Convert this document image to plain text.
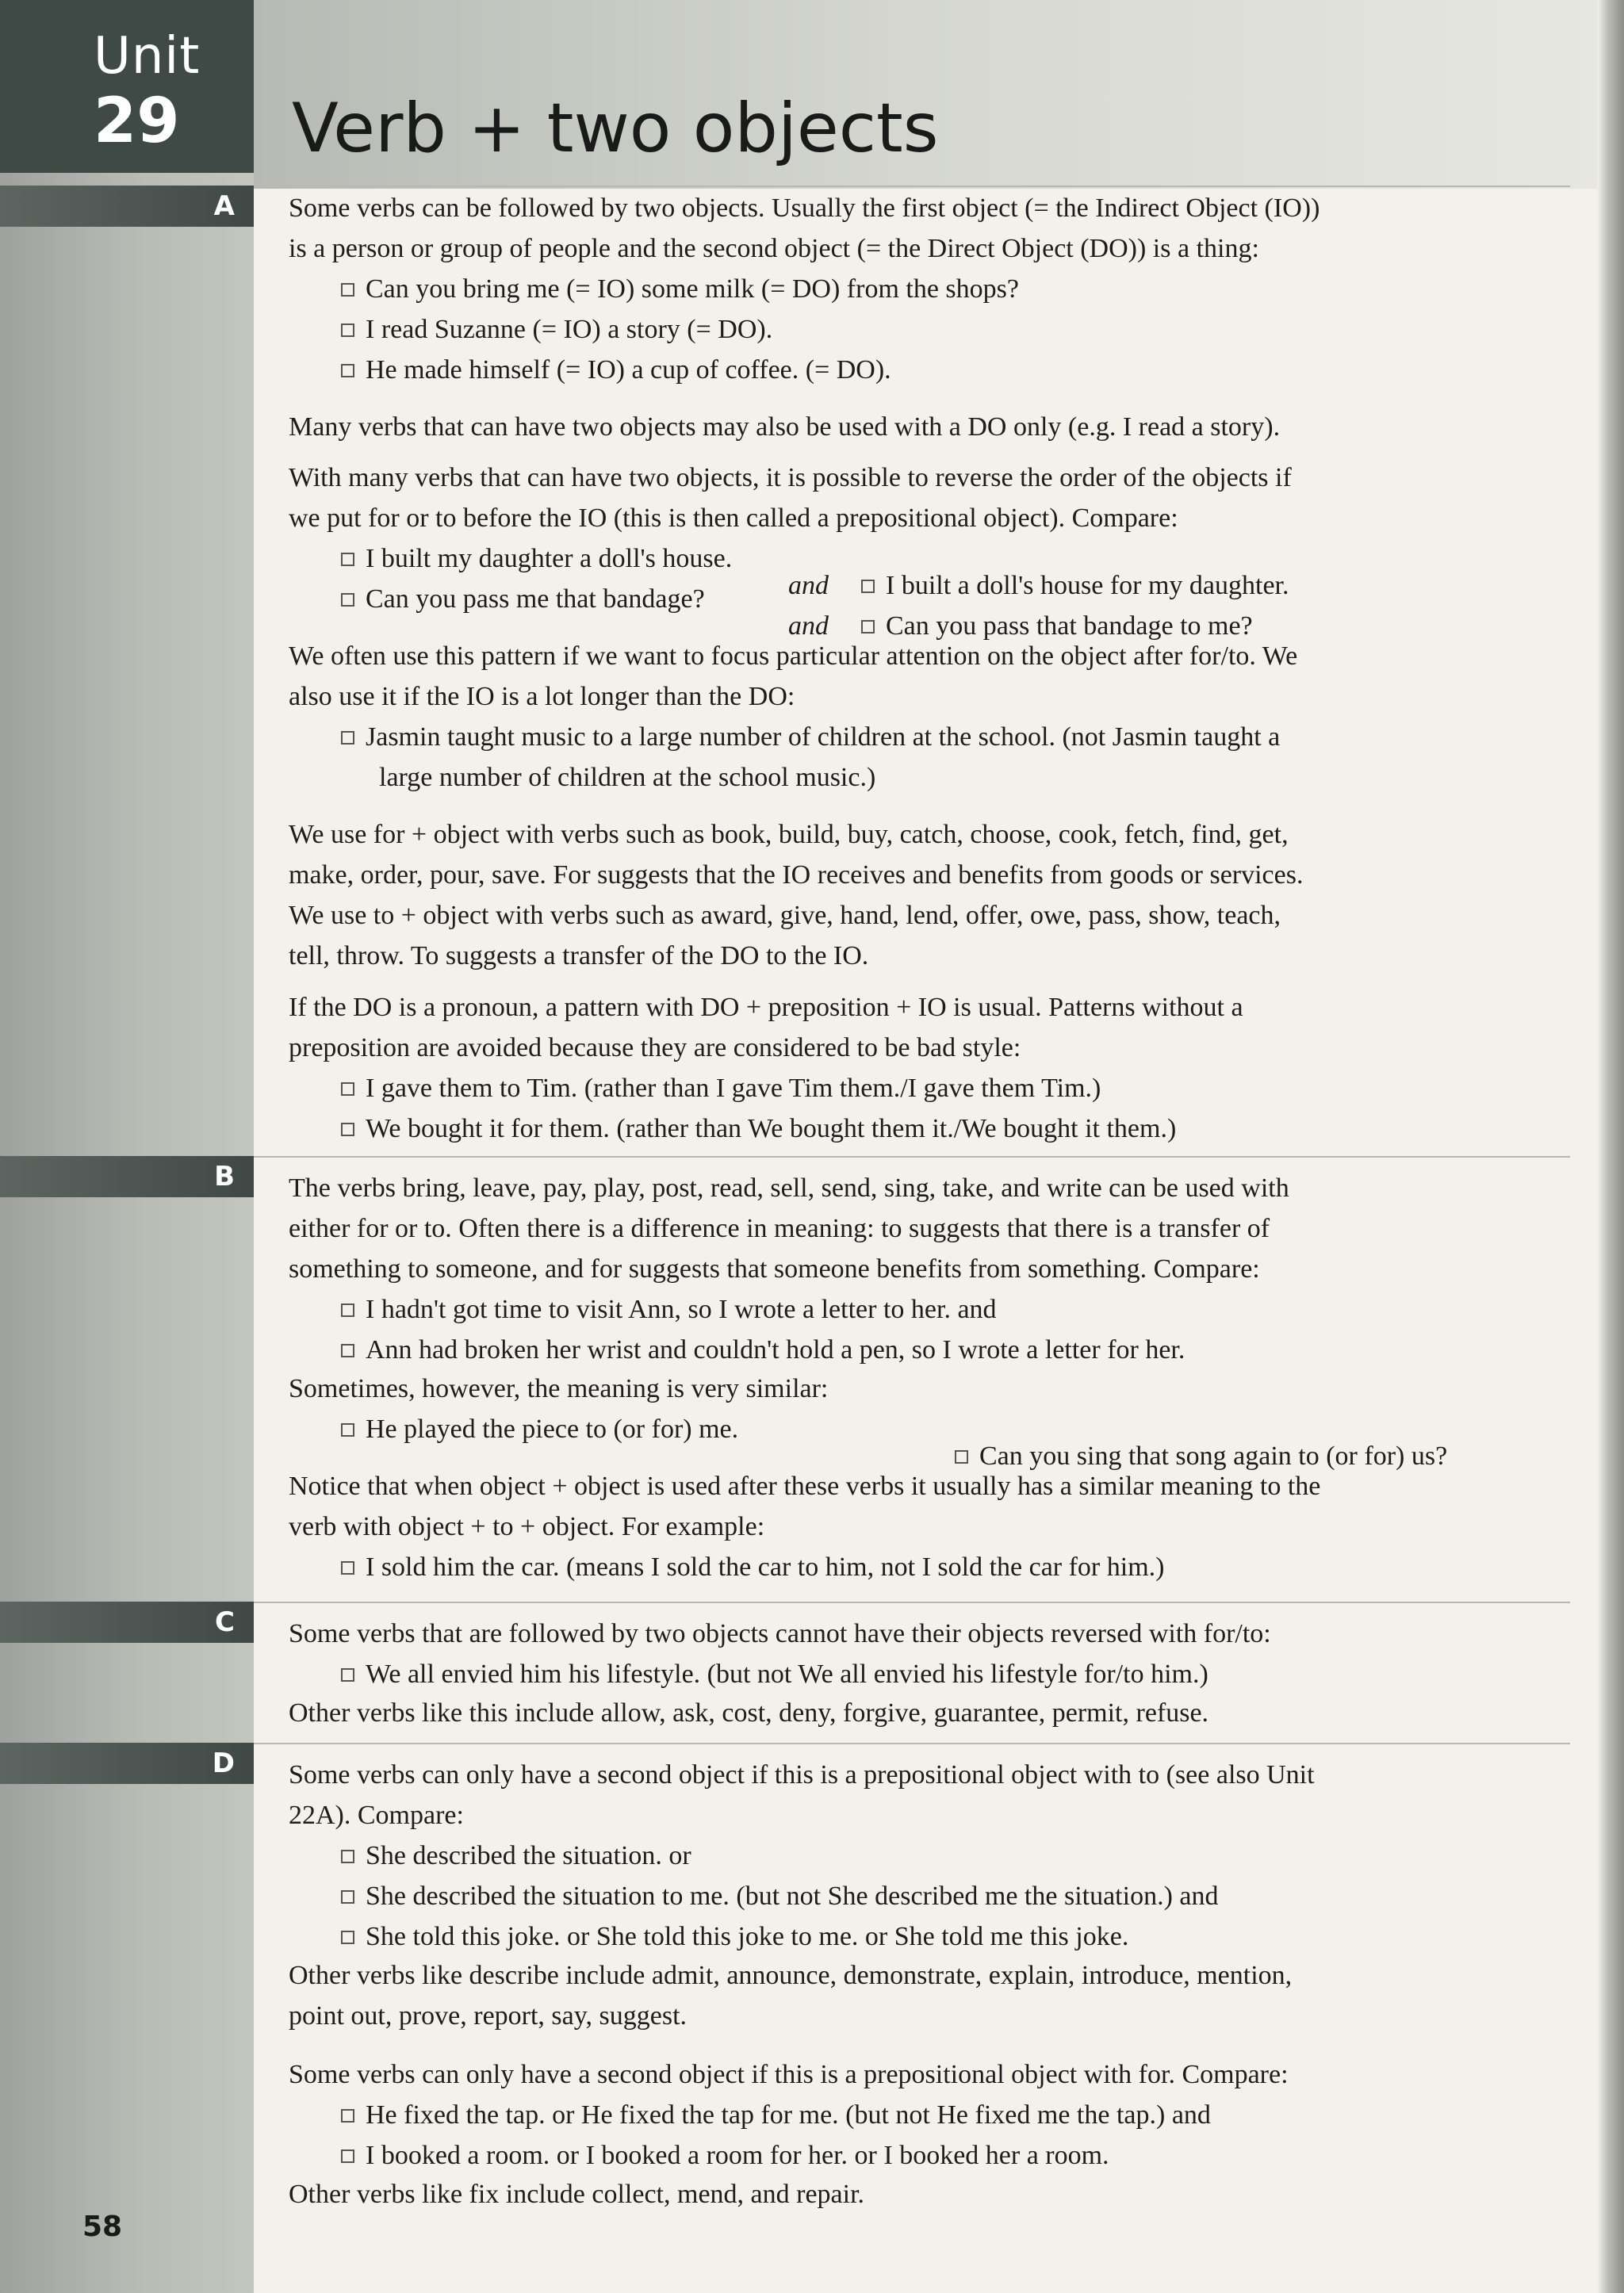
Unit
29 Verb + two objects
A
B
C
D

Some verbs can be followed by two objects. Usually the first object (= the Indirect Object (IO))

is a person or group of people and the second object (= the Direct Object (DO)) is a thing:

Can you bring me (= IO) some milk (= DO) from the shops?

I read Suzanne (= IO) a story (= DO).

He made himself (= IO) a cup of coffee. (= DO).

Many verbs that can have two objects may also be used with a DO only (e.g. I read a story).

With many verbs that can have two objects, it is possible to reverse the order of the objects if

we put for or to before the IO (this is then called a prepositional object). Compare:

I built my daughter a doll's house.

and	I built a doll's house for my daughter.

Can you pass me that bandage?

and	Can you pass that bandage to me?

We often use this pattern if we want to focus particular attention on the object after for/to. We

also use it if the IO is a lot longer than the DO:

Jasmin taught music to a large number of children at the school. (not Jasmin taught a

large number of children at the school music.)

We use for + object with verbs such as book, build, buy, catch, choose, cook, fetch, find, get,

make, order, pour, save. For suggests that the IO receives and benefits from goods or services.

We use to + object with verbs such as award, give, hand, lend, offer, owe, pass, show, teach,

tell, throw. To suggests a transfer of the DO to the IO.

If the DO is a pronoun, a pattern with DO + preposition + IO is usual. Patterns without a

preposition are avoided because they are considered to be bad style:

I gave them to Tim. (rather than I gave Tim them./I gave them Tim.)

We bought it for them. (rather than We bought them it./We bought it them.)

The verbs bring, leave, pay, play, post, read, sell, send, sing, take, and write can be used with

either for or to. Often there is a difference in meaning: to suggests that there is a transfer of

something to someone, and for suggests that someone benefits from something. Compare:

I hadn't got time to visit Ann, so I wrote a letter to her. and

Ann had broken her wrist and couldn't hold a pen, so I wrote a letter for her.

Sometimes, however, the meaning is very similar:

He played the piece to (or for) me.

Can you sing that song again to (or for) us?

Notice that when object + object is used after these verbs it usually has a similar meaning to the

verb with object + to + object. For example:

I sold him the car. (means I sold the car to him, not I sold the car for him.)

Some verbs that are followed by two objects cannot have their objects reversed with for/to:

We all envied him his lifestyle. (but not We all envied his lifestyle for/to him.)

Other verbs like this include allow, ask, cost, deny, forgive, guarantee, permit, refuse.

Some verbs can only have a second object if this is a prepositional object with to (see also Unit

22A). Compare:

She described the situation. or

She described the situation to me. (but not She described me the situation.) and

She told this joke. or She told this joke to me. or She told me this joke.

Other verbs like describe include admit, announce, demonstrate, explain, introduce, mention,

point out, prove, report, say, suggest.

Some verbs can only have a second object if this is a prepositional object with for. Compare:

He fixed the tap. or He fixed the tap for me. (but not He fixed me the tap.) and

I booked a room. or I booked a room for her. or I booked her a room.

Other verbs like fix include collect, mend, and repair.

58
